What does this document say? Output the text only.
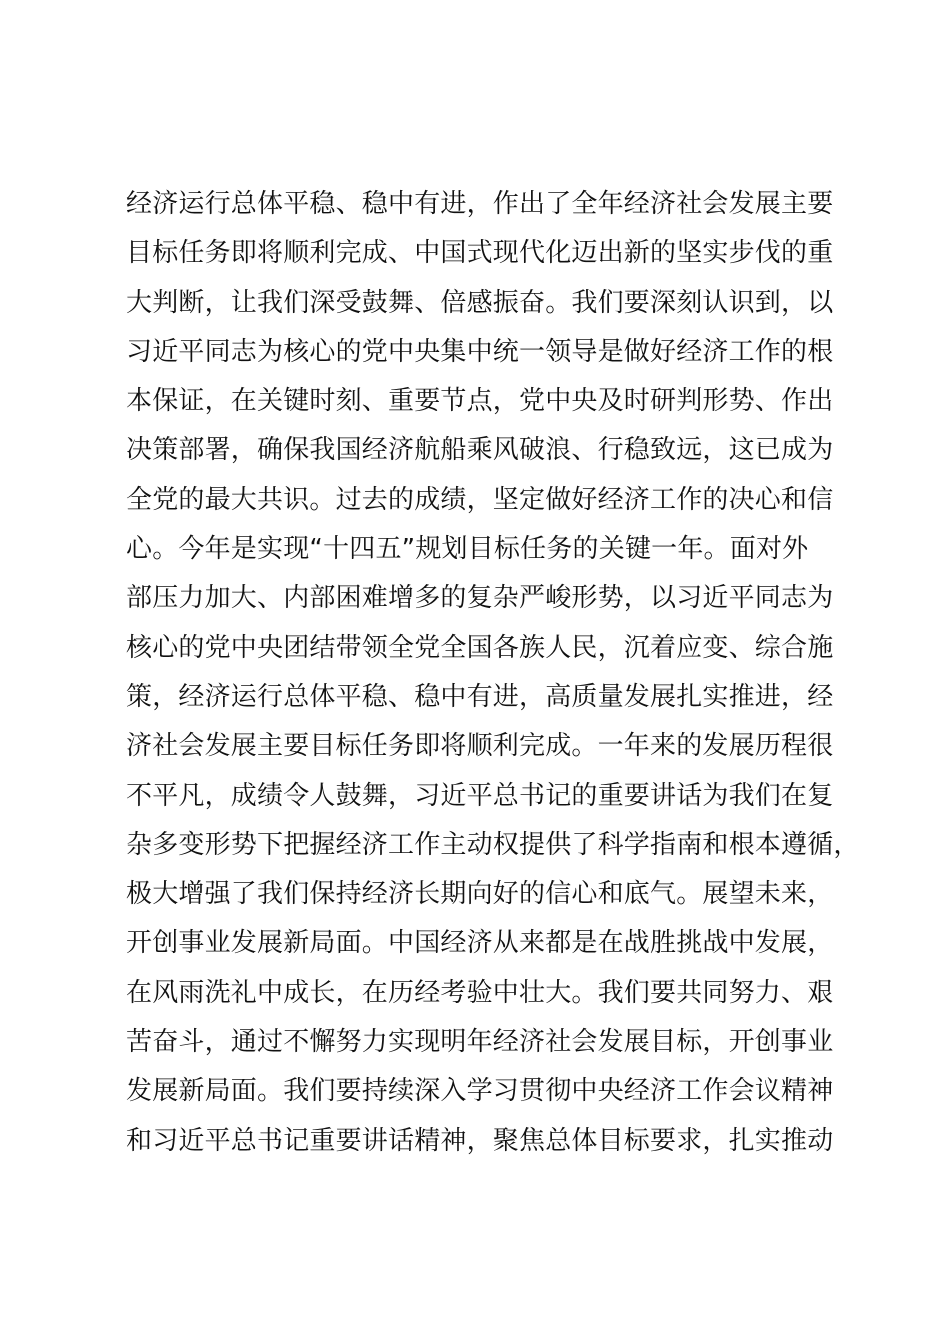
经济运行总体平稳、稳中有进，作出了全年经济社会发展主要
目标任务即将顺利完成、中国式现代化迈出新的坚实步伐的重
大判断，让我们深受鼓舞、倍感振奋。我们要深刻认识到，以
习近平同志为核心的党中央集中统一领导是做好经济工作的根
本保证，在关键时刻、重要节点，党中央及时研判形势、作出
决策部署，确保我国经济航船乘风破浪、行稳致远，这已成为
全党的最大共识。过去的成绩，坚定做好经济工作的决心和信
心。今年是实现“十四五”规划目标任务的关键一年。面对外
部压力加大、内部困难增多的复杂严峻形势，以习近平同志为
核心的党中央团结带领全党全国各族人民，沉着应变、综合施
策，经济运行总体平稳、稳中有进，高质量发展扎实推进，经
济社会发展主要目标任务即将顺利完成。一年来的发展历程很
不平凡，成绩令人鼓舞，习近平总书记的重要讲话为我们在复
杂多变形势下把握经济工作主动权提供了科学指南和根本遵循，
极大增强了我们保持经济长期向好的信心和底气。展望未来，
开创事业发展新局面。中国经济从来都是在战胜挑战中发展，
在风雨洗礼中成长，在历经考验中壮大。我们要共同努力、艰
苦奋斗，通过不懈努力实现明年经济社会发展目标，开创事业
发展新局面。我们要持续深入学习贯彻中央经济工作会议精神
和习近平总书记重要讲话精神，聚焦总体目标要求，扎实推动
